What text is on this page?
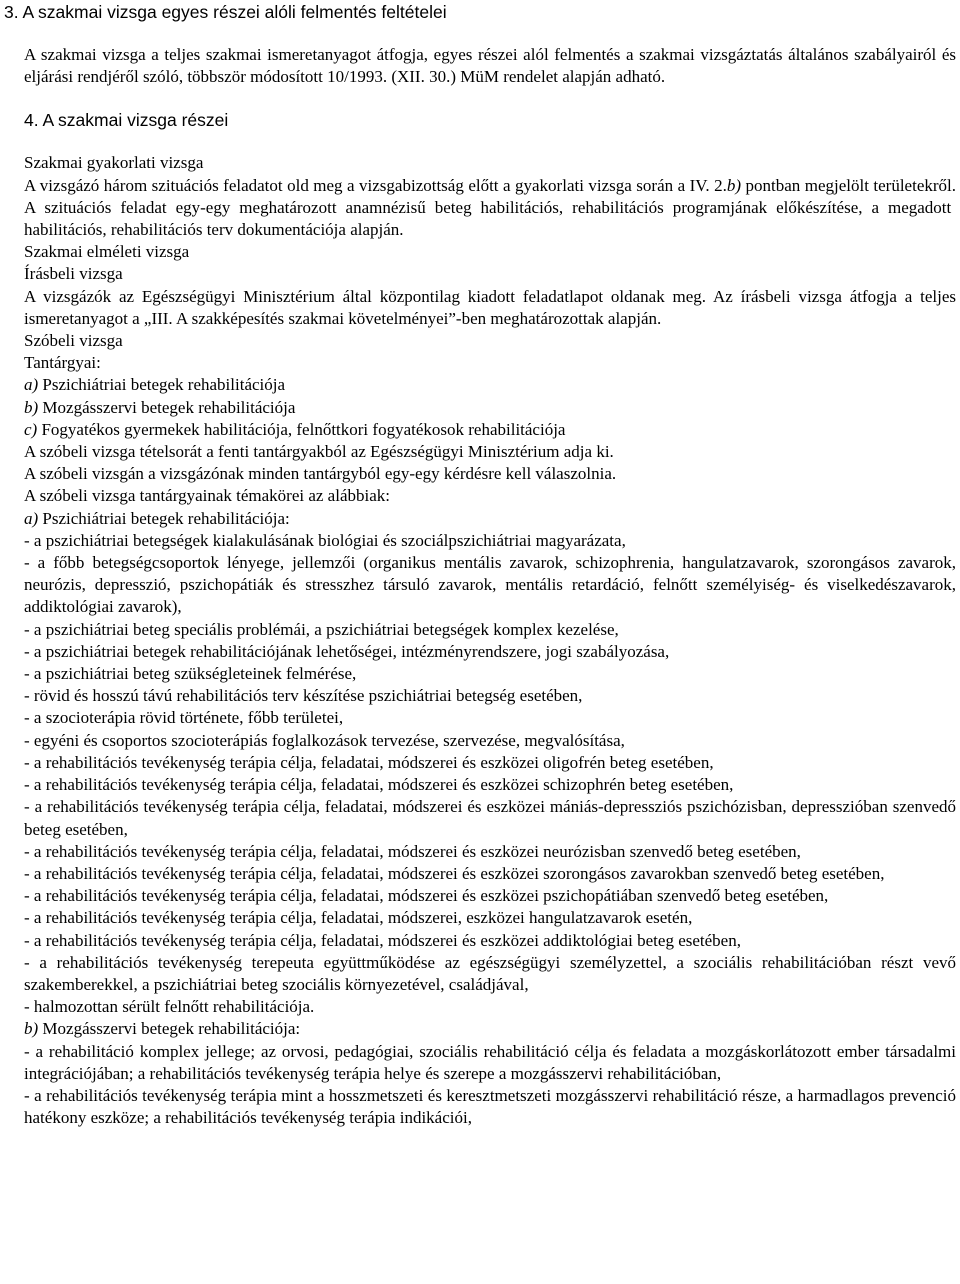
3. A szakmai vizsga egyes részei alóli felmentés feltételei

A szakmai vizsga a teljes szakmai ismeretanyagot átfogja, egyes részei alól felmentés a szakmai vizsgáztatás általános szabályairól és eljárási rendjéről szóló, többször módosított 10/1993. (XII. 30.) MüM rendelet alapján adható.

4. A szakmai vizsga részei

Szakmai gyakorlati vizsga

A vizsgázó három szituációs feladatot old meg a vizsgabizottság előtt a gyakorlati vizsga során a IV. 2.b) pontban megjelölt területekről. A szituációs feladat egy-egy meghatározott anamnézisű beteg habilitációs, rehabilitációs programjának előkészítése, a megadott habilitációs, rehabilitációs terv dokumentációja alapján.

Szakmai elméleti vizsga

Írásbeli vizsga

A vizsgázók az Egészségügyi Minisztérium által központilag kiadott feladatlapot oldanak meg. Az írásbeli vizsga átfogja a teljes ismeretanyagot a „III. A szakképesítés szakmai követelményei”-ben meghatározottak alapján.

Szóbeli vizsga

Tantárgyai:

a) Pszichiátriai betegek rehabilitációja

b) Mozgásszervi betegek rehabilitációja

c) Fogyatékos gyermekek habilitációja, felnőttkori fogyatékosok rehabilitációja

A szóbeli vizsga tételsorát a fenti tantárgyakból az Egészségügyi Minisztérium adja ki.

A szóbeli vizsgán a vizsgázónak minden tantárgyból egy-egy kérdésre kell válaszolnia.

A szóbeli vizsga tantárgyainak témakörei az alábbiak:

a) Pszichiátriai betegek rehabilitációja:

- a pszichiátriai betegségek kialakulásának biológiai és szociálpszichiátriai magyarázata,

- a főbb betegségcsoportok lényege, jellemzői (organikus mentális zavarok, schizophrenia, hangulatzavarok, szorongásos zavarok, neurózis, depresszió, pszichopátiák és stresszhez társuló zavarok, mentális retardáció, felnőtt személyiség- és viselkedészavarok, addiktológiai zavarok),

- a pszichiátriai beteg speciális problémái, a pszichiátriai betegségek komplex kezelése,

- a pszichiátriai betegek rehabilitációjának lehetőségei, intézményrendszere, jogi szabályozása,

- a pszichiátriai beteg szükségleteinek felmérése,

- rövid és hosszú távú rehabilitációs terv készítése pszichiátriai betegség esetében,

- a szocioterápia rövid története, főbb területei,

- egyéni és csoportos szocioterápiás foglalkozások tervezése, szervezése, megvalósítása,

- a rehabilitációs tevékenység terápia célja, feladatai, módszerei és eszközei oligofrén beteg esetében,

- a rehabilitációs tevékenység terápia célja, feladatai, módszerei és eszközei schizophrén beteg esetében,

- a rehabilitációs tevékenység terápia célja, feladatai, módszerei és eszközei mániás-depressziós pszichózisban, depresszióban szenvedő beteg esetében,

- a rehabilitációs tevékenység terápia célja, feladatai, módszerei és eszközei neurózisban szenvedő beteg esetében,

- a rehabilitációs tevékenység terápia célja, feladatai, módszerei és eszközei szorongásos zavarokban szenvedő beteg esetében,

- a rehabilitációs tevékenység terápia célja, feladatai, módszerei és eszközei pszichopátiában szenvedő beteg esetében,

- a rehabilitációs tevékenység terápia célja, feladatai, módszerei, eszközei hangulatzavarok esetén,

- a rehabilitációs tevékenység terápia célja, feladatai, módszerei és eszközei addiktológiai beteg esetében,

- a rehabilitációs tevékenység terepeuta együttműködése az egészségügyi személyzettel, a szociális rehabilitációban részt vevő szakemberekkel, a pszichiátriai beteg szociális környezetével, családjával,

- halmozottan sérült felnőtt rehabilitációja.

b) Mozgásszervi betegek rehabilitációja:

- a rehabilitáció komplex jellege; az orvosi, pedagógiai, szociális rehabilitáció célja és feladata a mozgáskorlátozott ember társadalmi integrációjában; a rehabilitációs tevékenység terápia helye és szerepe a mozgásszervi rehabilitációban,

- a rehabilitációs tevékenység terápia mint a hosszmetszeti és keresztmetszeti mozgásszervi rehabilitáció része, a harmadlagos prevenció hatékony eszköze; a rehabilitációs tevékenység terápia indikációi,
